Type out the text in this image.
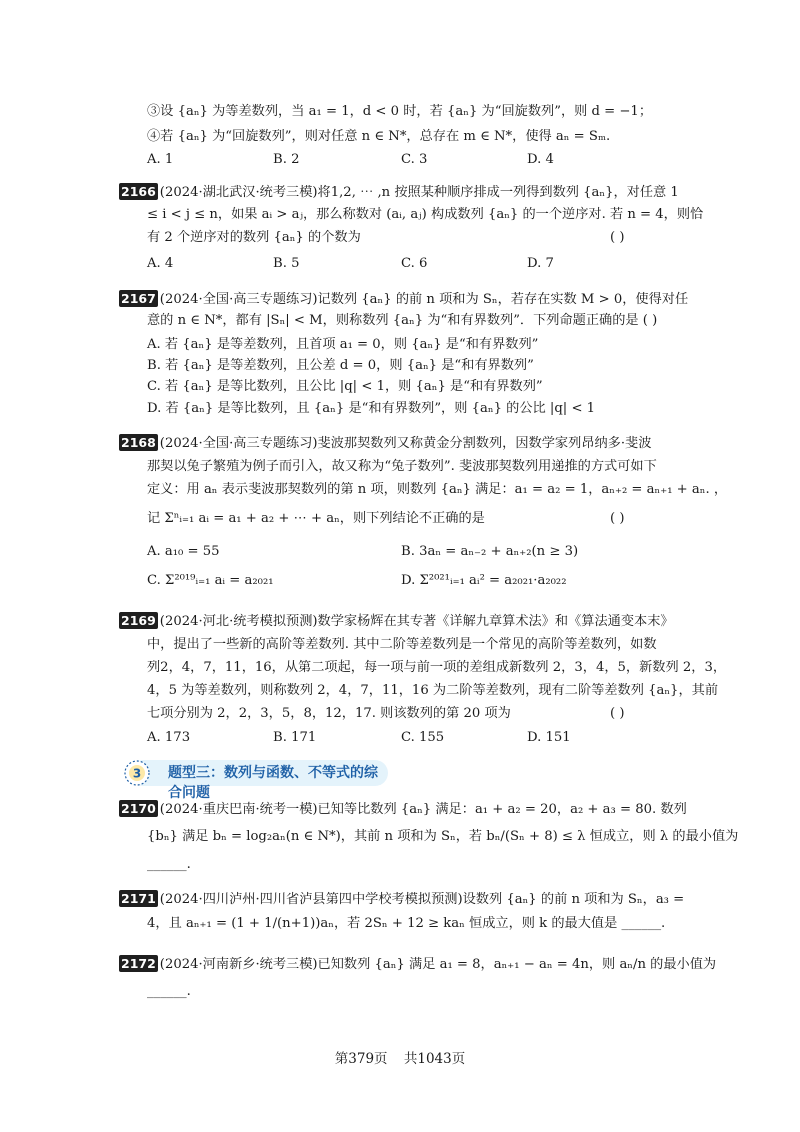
③设 {aₙ} 为等差数列，当 a₁ = 1，d < 0 时，若 {aₙ} 为“回旋数列”，则 d = −1；
④若 {aₙ} 为“回旋数列”，则对任意 n ∈ N*，总存在 m ∈ N*，使得 aₙ = Sₘ.
A. 1	B. 2	C. 3	D. 4
2166 (2024·湖北武汉·统考三模)将1,2, ⋯ ,n 按照某种顺序排成一列得到数列 {aₙ}，对任意 1
≤ i < j ≤ n，如果 aᵢ > aⱼ，那么称数对 (aᵢ, aⱼ) 构成数列 {aₙ} 的一个逆序对. 若 n = 4，则恰
有 2 个逆序对的数列 {aₙ} 的个数为	( )
A. 4	B. 5	C. 6	D. 7
2167 (2024·全国·高三专题练习)记数列 {aₙ} 的前 n 项和为 Sₙ，若存在实数 M > 0，使得对任
意的 n ∈ N*，都有 |Sₙ| < M，则称数列 {aₙ} 为“和有界数列”．下列命题正确的是 ( )
A. 若 {aₙ} 是等差数列，且首项 a₁ = 0，则 {aₙ} 是“和有界数列”
B. 若 {aₙ} 是等差数列，且公差 d = 0，则 {aₙ} 是“和有界数列”
C. 若 {aₙ} 是等比数列，且公比 |q| < 1，则 {aₙ} 是“和有界数列”
D. 若 {aₙ} 是等比数列，且 {aₙ} 是“和有界数列”，则 {aₙ} 的公比 |q| < 1
2168 (2024·全国·高三专题练习)斐波那契数列又称黄金分割数列，因数学家列昂纳多·斐波
那契以兔子繁殖为例子而引入，故又称为“兔子数列”. 斐波那契数列用递推的方式可如下
定义：用 aₙ 表示斐波那契数列的第 n 项，则数列 {aₙ} 满足：a₁ = a₂ = 1，aₙ₊₂ = aₙ₊₁ + aₙ. ，
记 Σⁿᵢ₌₁ aᵢ = a₁ + a₂ + ⋯ + aₙ，则下列结论不正确的是	( )
A. a₁₀ = 55	B. 3aₙ = aₙ₋₂ + aₙ₊₂(n ≥ 3)
C. Σ²⁰¹⁹ᵢ₌₁ aᵢ = a₂₀₂₁	D. Σ²⁰²¹ᵢ₌₁ aᵢ² = a₂₀₂₁·a₂₀₂₂
2169 (2024·河北·统考模拟预测)数学家杨辉在其专著《详解九章算术法》和《算法通变本末》
中，提出了一些新的高阶等差数列. 其中二阶等差数列是一个常见的高阶等差数列，如数
列2，4，7，11，16，从第二项起，每一项与前一项的差组成新数列 2，3，4，5，新数列 2，3，
4，5 为等差数列，则称数列 2，4，7，11，16 为二阶等差数列，现有二阶等差数列 {aₙ}，其前
七项分别为 2，2，3，5，8，12，17. 则该数列的第 20 项为	( )
A. 173	B. 171	C. 155	D. 151
3 题型三：数列与函数、不等式的综合问题
2170 (2024·重庆巴南·统考一模)已知等比数列 {aₙ} 满足：a₁ + a₂ = 20，a₂ + a₃ = 80. 数列
{bₙ} 满足 bₙ = log₂aₙ(n ∈ N*)，其前 n 项和为 Sₙ，若 bₙ/(Sₙ + 8) ≤ λ 恒成立，则 λ 的最小值为
______.
2171 (2024·四川泸州·四川省泸县第四中学校考模拟预测)设数列 {aₙ} 的前 n 项和为 Sₙ，a₃ =
4，且 aₙ₊₁ = (1 + 1/(n+1))aₙ，若 2Sₙ + 12 ≥ kaₙ 恒成立，则 k 的最大值是 ______.
2172 (2024·河南新乡·统考三模)已知数列 {aₙ} 满足 a₁ = 8，aₙ₊₁ − aₙ = 4n，则 aₙ/n 的最小值为
______.
第379页 共1043页
